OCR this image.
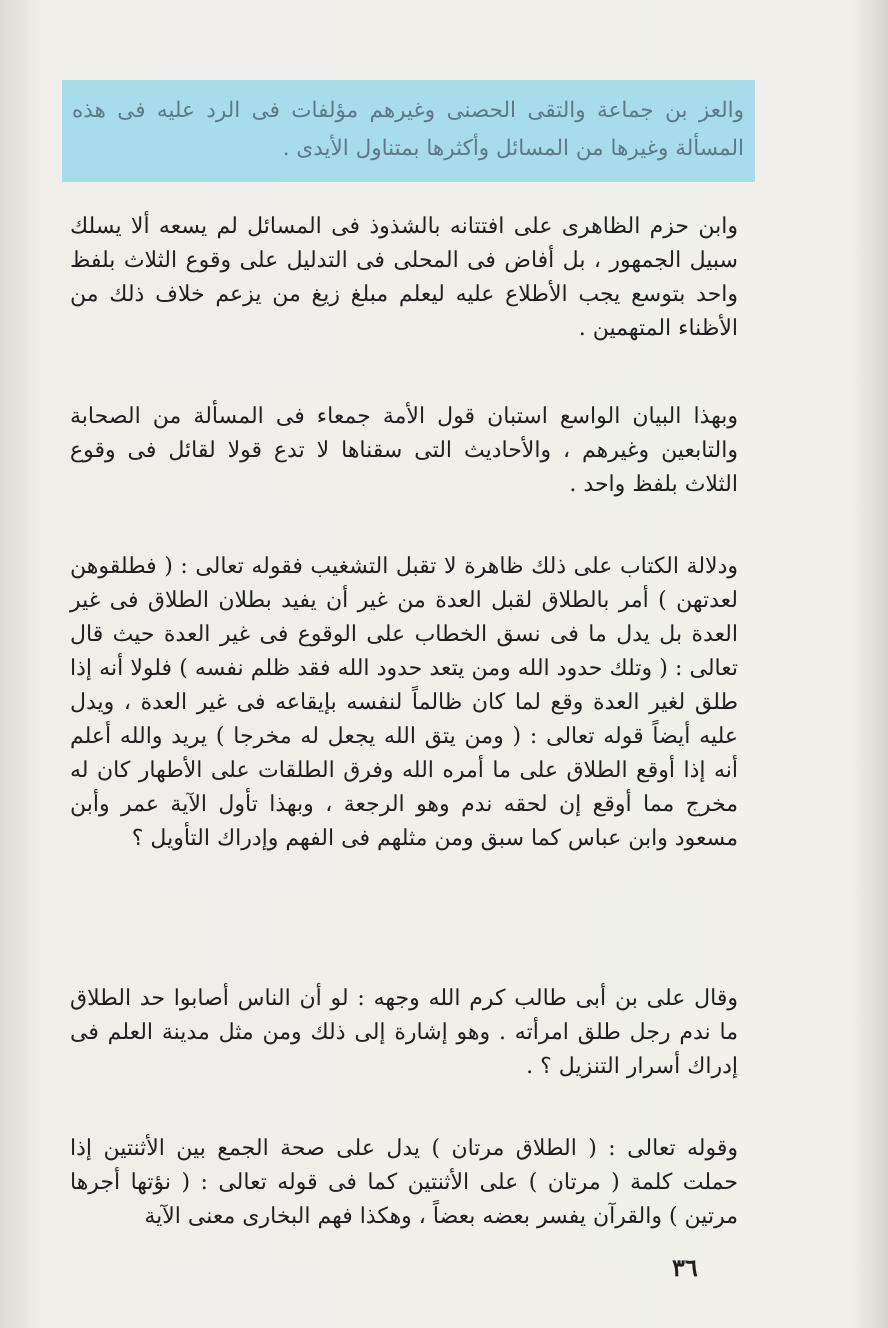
والعز بن جماعة والتقى الحصنى وغيرهم مؤلفات فى الرد عليه فى هذه المسألة وغيرها من المسائل وأكثرها بمتناول الأيدى .

وابن حزم الظاهرى على افتتانه بالشذوذ فى المسائل لم يسعه ألا يسلك سبيل الجمهور ، بل أفاض فى المحلى فى التدليل على وقوع الثلاث بلفظ واحد بتوسع يجب الأطلاع عليه ليعلم مبلغ زيغ من يزعم خلاف ذلك من الأظناء المتهمين .

وبهذا البيان الواسع استبان قول الأمة جمعاء فى المسألة من الصحابة والتابعين وغيرهم ، والأحاديث التى سقناها لا تدع قولا لقائل فى وقوع الثلاث بلفظ واحد .

ودلالة الكتاب على ذلك ظاهرة لا تقبل التشغيب فقوله تعالى : ( فطلقوهن لعدتهن ) أمر بالطلاق لقبل العدة من غير أن يفيد بطلان الطلاق فى غير العدة بل يدل ما فى نسق الخطاب على الوقوع فى غير العدة حيث قال تعالى : ( وتلك حدود الله ومن يتعد حدود الله فقد ظلم نفسه ) فلولا أنه إذا طلق لغير العدة وقع لما كان ظالماً لنفسه بإيقاعه فى غير العدة ، ويدل عليه أيضاً قوله تعالى : ( ومن يتق الله يجعل له مخرجا ) يريد والله أعلم أنه إذا أوقع الطلاق على ما أمره الله وفرق الطلقات على الأطهار كان له مخرج مما أوقع إن لحقه ندم وهو الرجعة ، وبهذا تأول الآية عمر وأبن مسعود وابن عباس كما سبق ومن مثلهم فى الفهم وإدراك التأويل ؟

وقال على بن أبى طالب كرم الله وجهه : لو أن الناس أصابوا حد الطلاق ما ندم رجل طلق امرأته . وهو إشارة إلى ذلك ومن مثل مدينة العلم فى إدراك أسرار التنزيل ؟ .

وقوله تعالى : ( الطلاق مرتان ) يدل على صحة الجمع بين الأثنتين إذا حملت كلمة ( مرتان ) على الأثنتين كما فى قوله تعالى : ( نؤتها أجرها مرتين ) والقرآن يفسر بعضه بعضاً ، وهكذا فهم البخارى معنى الآية

٣٦
